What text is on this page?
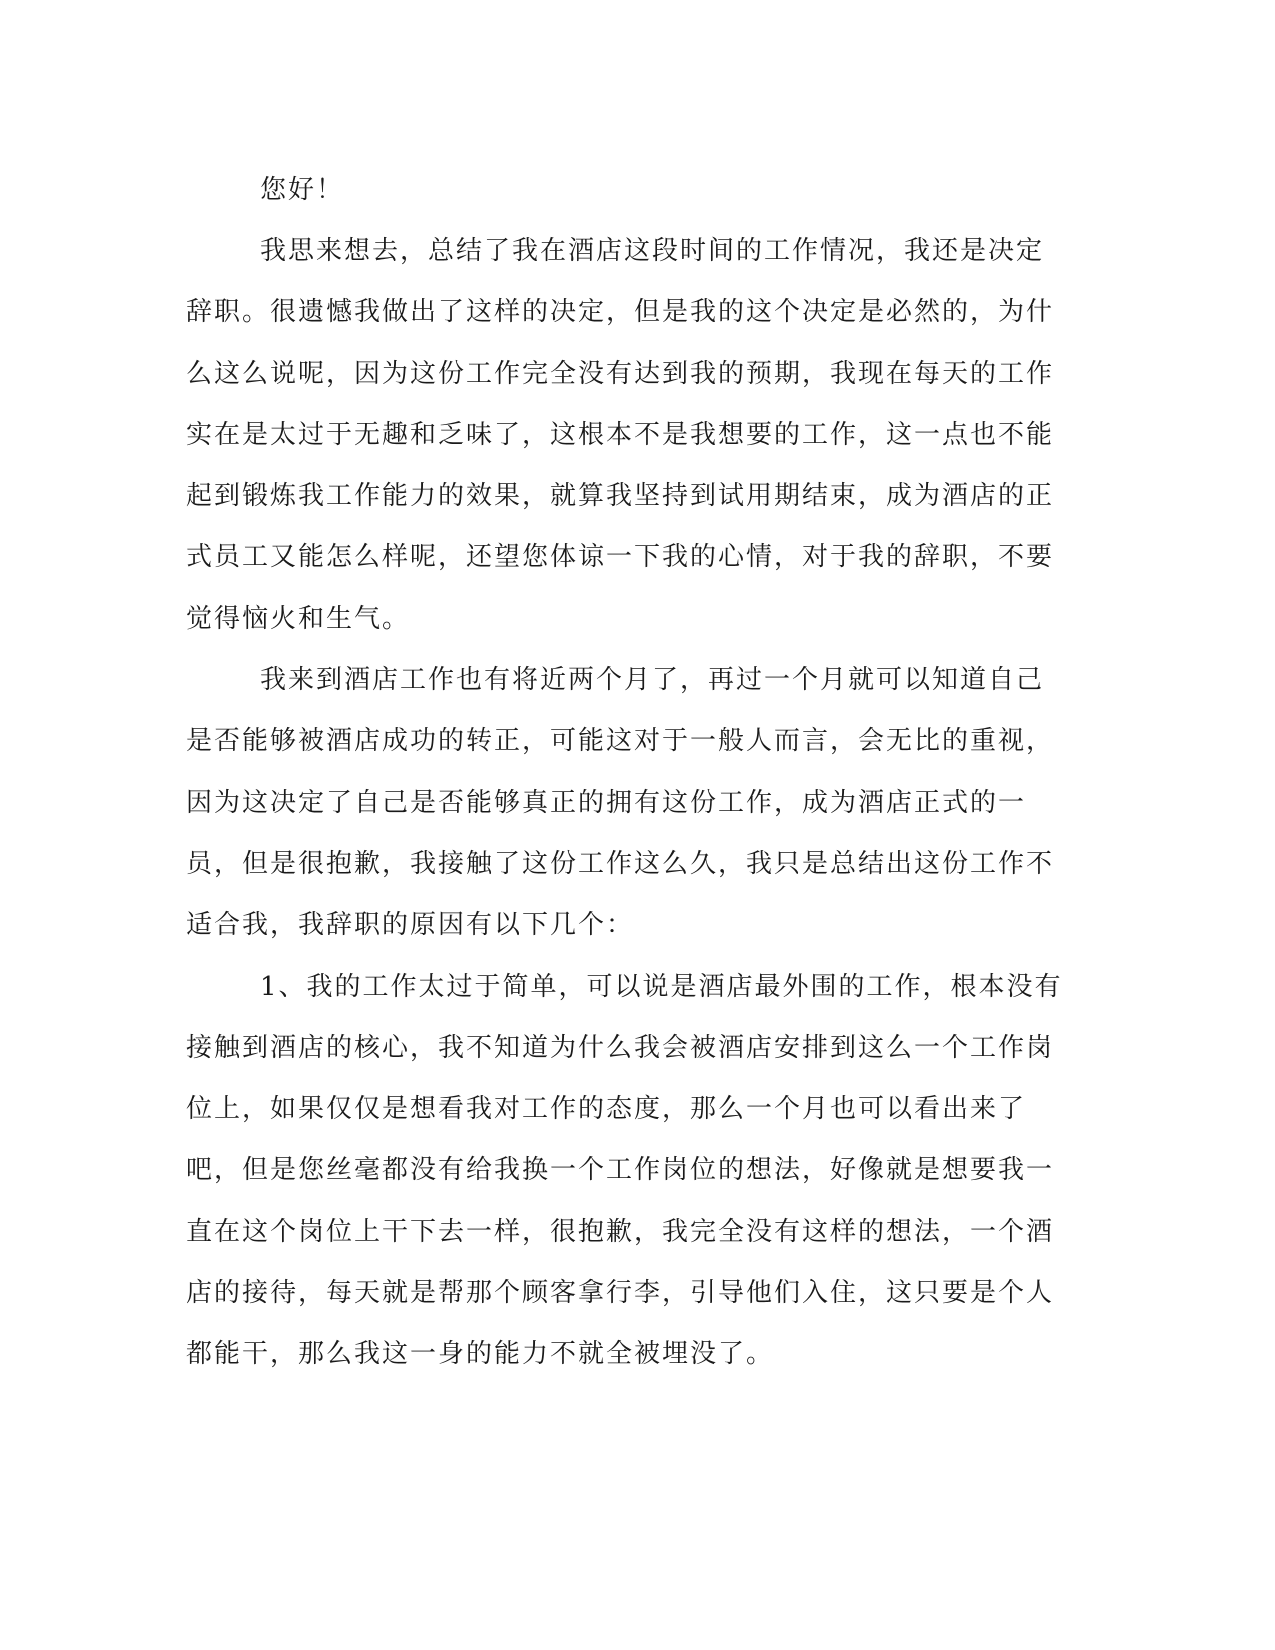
您好！

我思来想去，总结了我在酒店这段时间的工作情况，我还是决定辞职。很遗憾我做出了这样的决定，但是我的这个决定是必然的，为什么这么说呢，因为这份工作完全没有达到我的预期，我现在每天的工作实在是太过于无趣和乏味了，这根本不是我想要的工作，这一点也不能起到锻炼我工作能力的效果，就算我坚持到试用期结束，成为酒店的正式员工又能怎么样呢，还望您体谅一下我的心情，对于我的辞职，不要觉得恼火和生气。

我来到酒店工作也有将近两个月了，再过一个月就可以知道自己是否能够被酒店成功的转正，可能这对于一般人而言，会无比的重视，因为这决定了自己是否能够真正的拥有这份工作，成为酒店正式的一员，但是很抱歉，我接触了这份工作这么久，我只是总结出这份工作不适合我，我辞职的原因有以下几个：

1、我的工作太过于简单，可以说是酒店最外围的工作，根本没有接触到酒店的核心，我不知道为什么我会被酒店安排到这么一个工作岗位上，如果仅仅是想看我对工作的态度，那么一个月也可以看出来了吧，但是您丝毫都没有给我换一个工作岗位的想法，好像就是想要我一直在这个岗位上干下去一样，很抱歉，我完全没有这样的想法，一个酒店的接待，每天就是帮那个顾客拿行李，引导他们入住，这只要是个人都能干，那么我这一身的能力不就全被埋没了。
